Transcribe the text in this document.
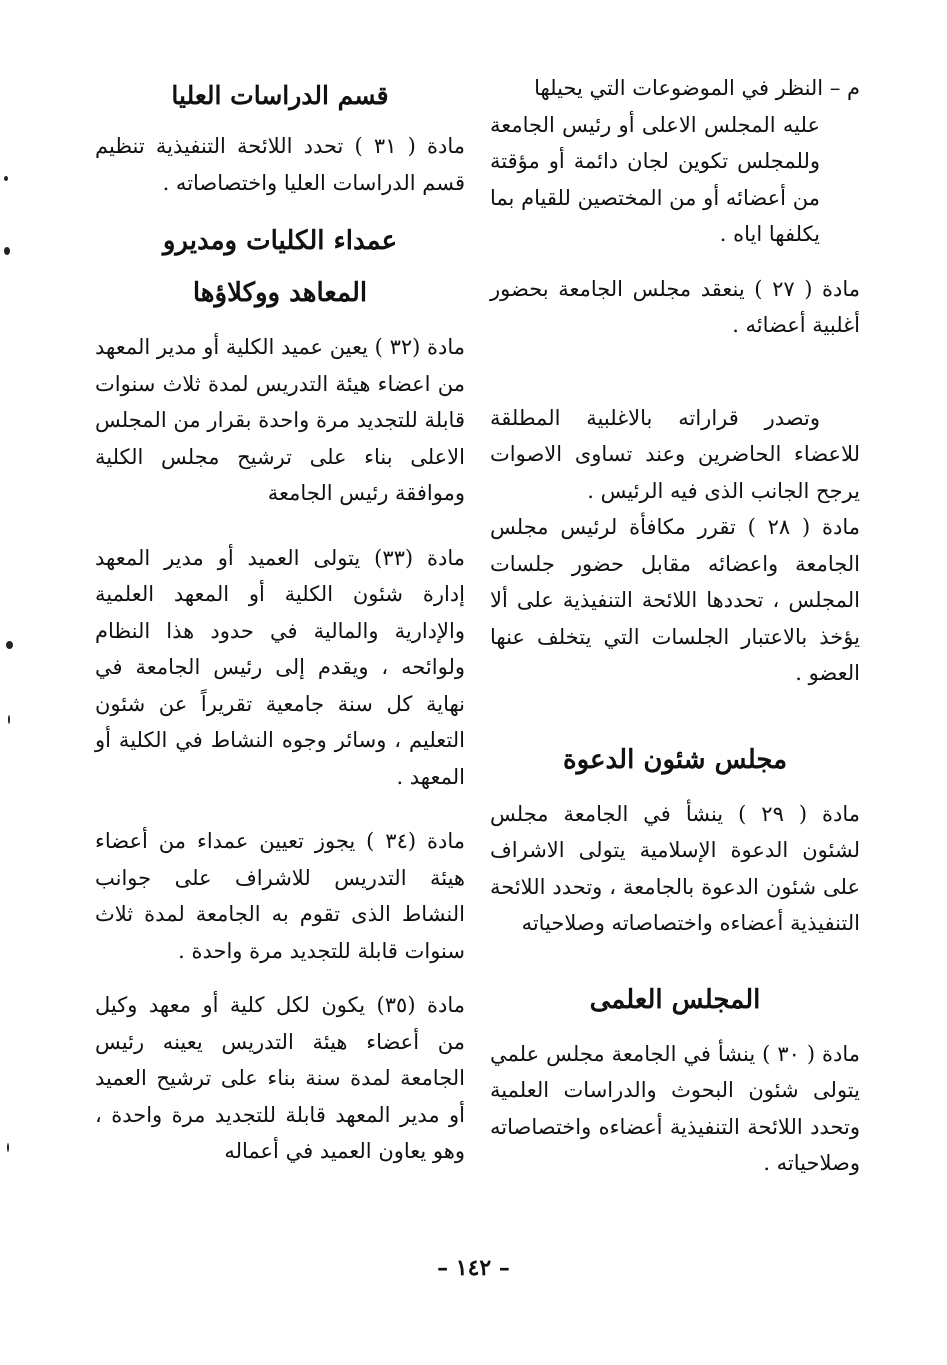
م – النظر في الموضوعات التي يحيلها

عليه المجلس الاعلى أو رئيس الجامعة وللمجلس تكوين لجان دائمة أو مؤقتة من أعضائه أو من المختصين للقيام بما يكلفها اياه .

مادة ( ٢٧ ) ينعقد مجلس الجامعة بحضور أغلبية أعضائه .

وتصدر قراراته بالاغلبية المطلقة للاعضاء الحاضرين وعند تساوى الاصوات يرجح الجانب الذى فيه الرئيس .

مادة ( ٢٨ ) تقرر مكافأة لرئيس مجلس الجامعة واعضائه مقابل حضور جلسات المجلس ، تحددها اللائحة التنفيذية على ألا يؤخذ بالاعتبار الجلسات التي يتخلف عنها العضو .

مجلس شئون الدعوة

مادة ( ٢٩ ) ينشأ في الجامعة مجلس لشئون الدعوة الإسلامية يتولى الاشراف على شئون الدعوة بالجامعة ، وتحدد اللائحة التنفيذية أعضاءه واختصاصاته وصلاحياته

المجلس العلمى

مادة ( ٣٠ ) ينشأ في الجامعة مجلس علمي يتولى شئون البحوث والدراسات العلمية وتحدد اللائحة التنفيذية أعضاءه واختصاصاته وصلاحياته .

قسم الدراسات العليا

مادة ( ٣١ ) تحدد اللائحة التنفيذية تنظيم قسم الدراسات العليا واختصاصاته .

عمداء الكليات ومديرو
المعاهد ووكلاؤها

مادة (٣٢ ) يعين عميد الكلية أو مدير المعهد من اعضاء هيئة التدريس لمدة ثلاث سنوات قابلة للتجديد مرة واحدة بقرار من المجلس الاعلى بناء على ترشيح مجلس الكلية وموافقة رئيس الجامعة

مادة (٣٣) يتولى العميد أو مدير المعهد إدارة شئون الكلية أو المعهد العلمية والإدارية والمالية في حدود هذا النظام ولوائحه ، ويقدم إلى رئيس الجامعة في نهاية كل سنة جامعية تقريراً عن شئون التعليم ، وسائر وجوه النشاط في الكلية أو المعهد .

مادة (٣٤ ) يجوز تعيين عمداء من أعضاء هيئة التدريس للاشراف على جوانب النشاط الذى تقوم به الجامعة لمدة ثلاث سنوات قابلة للتجديد مرة واحدة .

مادة (٣٥) يكون لكل كلية أو معهد وكيل من أعضاء هيئة التدريس يعينه رئيس الجامعة لمدة سنة بناء على ترشيح العميد أو مدير المعهد قابلة للتجديد مرة واحدة ، وهو يعاون العميد في أعماله

– ١٤٢ –
